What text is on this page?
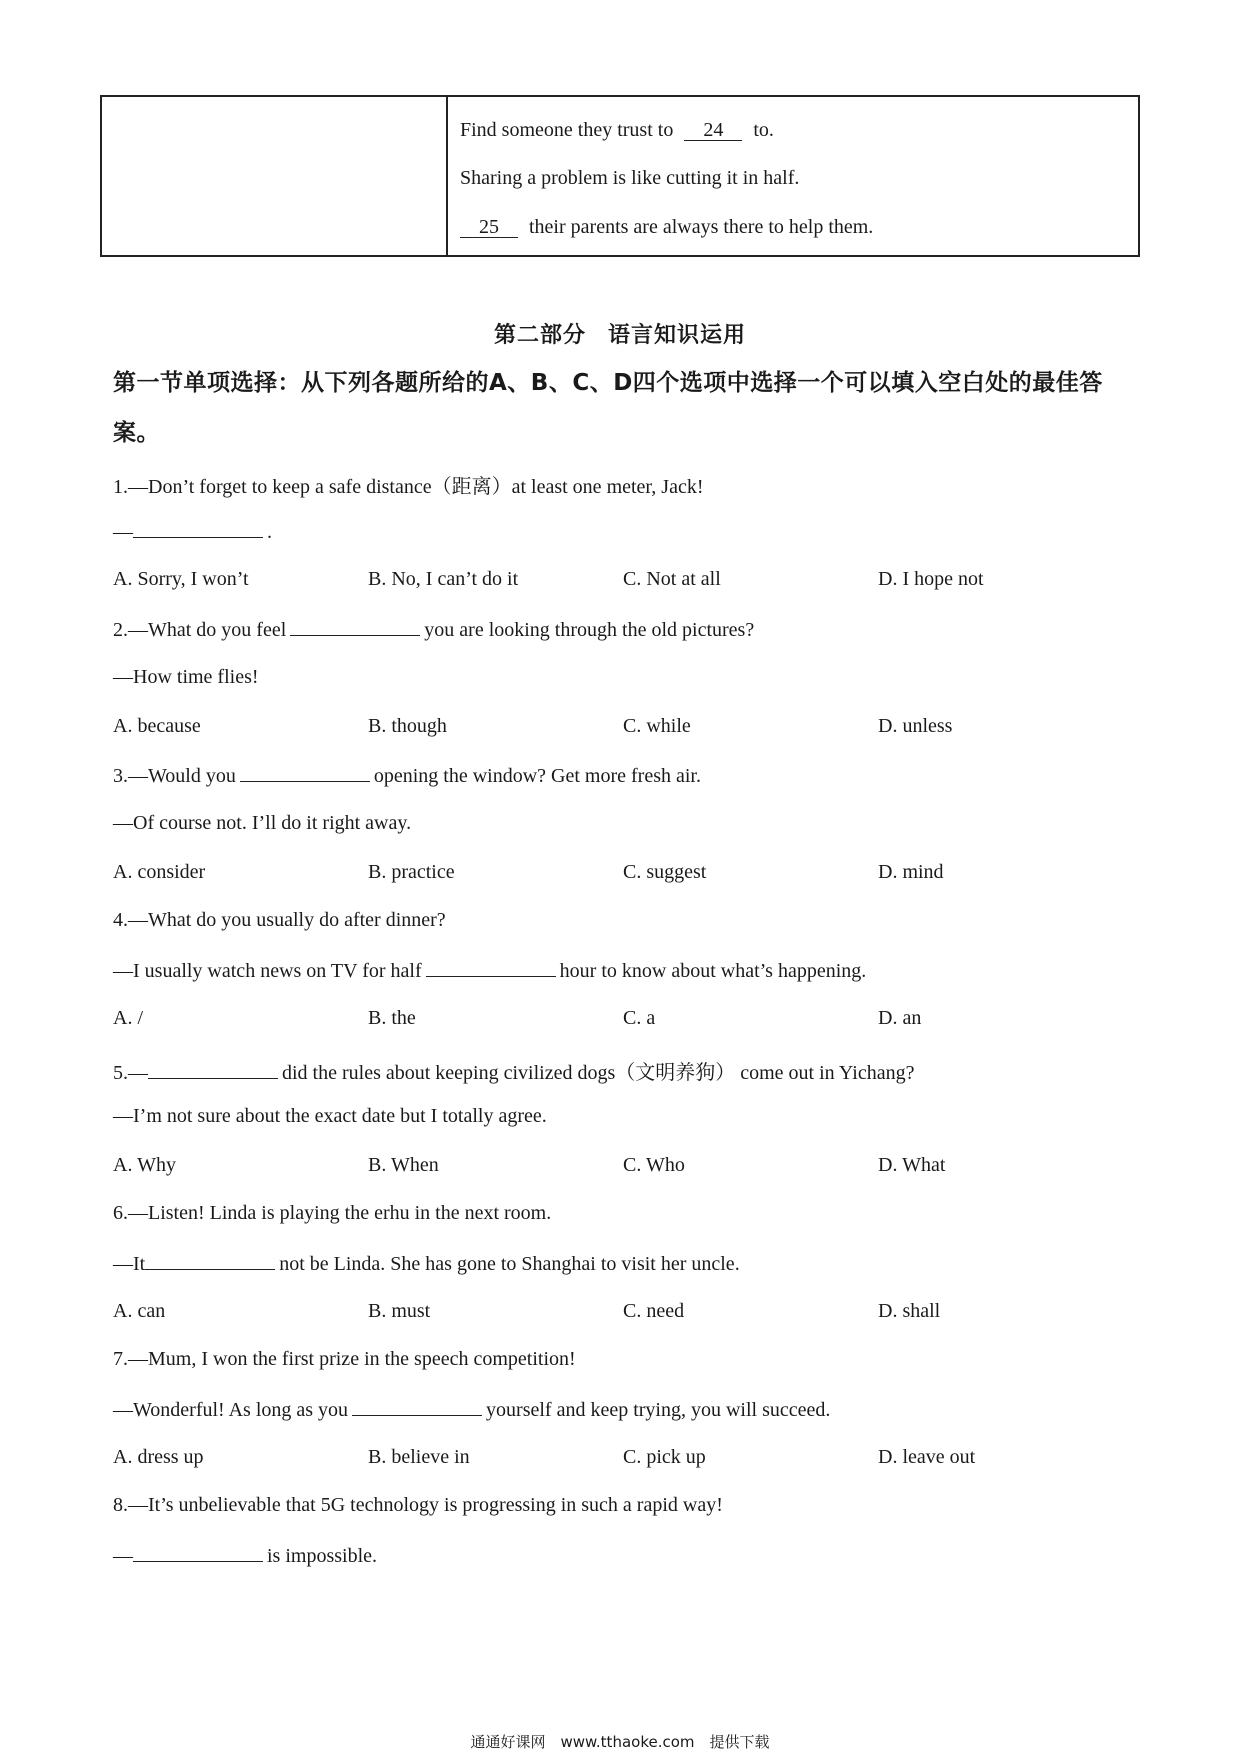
Find someone they trust to 24 to.
Sharing a problem is like cutting it in half.
25 their parents are always there to help them.
第二部分 语言知识运用
第一节单项选择：从下列各题所给的A、B、C、D四个选项中选择一个可以填入空白处的最佳答案。
1.—Don’t forget to keep a safe distance（距离）at least one meter, Jack!
—	.
A. Sorry, I won’t	B. No, I can’t do it	C. Not at all	D. I hope not
2.—What do you feel	you are looking through the old pictures?
—How time flies!
A. because	B. though	C. while	D. unless
3.—Would you	opening the window? Get more fresh air.
—Of course not. I’ll do it right away.
A. consider	B. practice	C. suggest	D. mind
4.—What do you usually do after dinner?
—I usually watch news on TV for half	hour to know about what’s happening.
A. /	B. the	C. a	D. an
5.—	did the rules about keeping civilized dogs（文明养狗） come out in Yichang?
—I’m not sure about the exact date but I totally agree.
A. Why	B. When	C. Who	D. What
6.—Listen! Linda is playing the erhu in the next room.
—It	not be Linda. She has gone to Shanghai to visit her uncle.
A. can	B. must	C. need	D. shall
7.—Mum, I won the first prize in the speech competition!
—Wonderful! As long as you	yourself and keep trying, you will succeed.
A. dress up	B. believe in	C. pick up	D. leave out
8.—It’s unbelievable that 5G technology is progressing in such a rapid way!
—	is impossible.
通通好课网　www.tthaoke.com　提供下载
